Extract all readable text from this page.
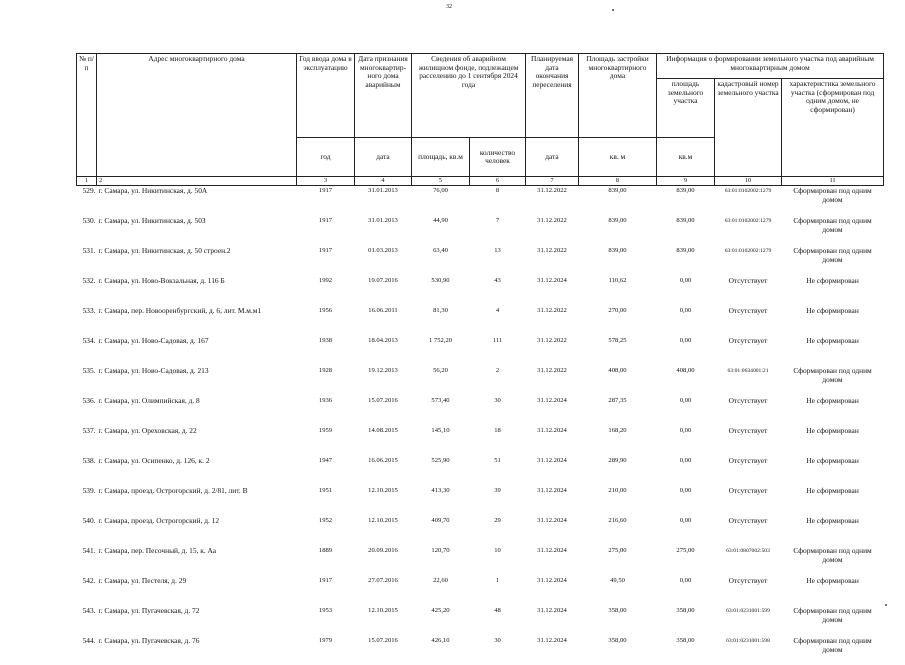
32
№ п/п	Адрес многоквартирного дома	Год ввода дома в эксплуатацию	Дата признания многоквартир-ного дома аварийным	Сведения об аварийном жилищном фонде, подлежащем расселению до 1 сентября 2024 года		Планируемая дата окончания переселения	Площадь застройки многоквартирного дома	Информация о формировании земельного участка под аварийным многоквартирным домом		
								площадь земельного участка	кадастровый номер земельного участка	характеристика земельного участка (сформирован под одним домом, не сформирован)
		год	дата	площадь, кв.м	количество человек	дата	кв. м	кв.м		
1	2	3	4	5	6	7	8	9	10	11
529.	г. Самара, ул. Никитинская, д. 50А	1917	31.01.2013	76,00	8	31.12.2022	839,00	839,00	63:01:0102002:1279	Сформирован под одним домом
530.	г. Самара, ул. Никитинская, д. 50З	1917	31.01.2013	44,90	7	31.12.2022	839,00	839,00	63:01:0102002:1279	Сформирован под одним домом
531.	г. Самара, ул. Никитинская, д. 50 строен.2	1917	01.03.2013	63,40	13	31.12.2022	839,00	839,00	63:01:0102002:1279	Сформирован под одним домом
532.	г. Самара, ул. Ново-Вокзальная, д. 116 Б	1992	19.07.2016	530,90	43	31.12.2024	110,62	0,00	Отсутствует	Не сформирован
533.	г. Самара, пер. Новооренбургский, д. 6, лит. М.м.м1	1956	16.06.2011	81,30	4	31.12.2022	270,00	0,00	Отсутствует	Не сформирован
534.	г. Самара, ул. Ново-Садовая, д. 167	1938	18.04.2013	1 752,20	111	31.12.2022	578,25	0,00	Отсутствует	Не сформирован
535.	г. Самара, ул. Ново-Садовая, д. 213	1928	19.12.2013	56,20	2	31.12.2022	408,00	408,00	63:01:0634001:21	Сформирован под одним домом
536.	г. Самара, ул. Олимпийская, д. 8	1936	15.07.2016	573,40	30	31.12.2024	287,35	0,00	Отсутствует	Не сформирован
537.	г. Самара, ул. Ореховская, д. 22	1959	14.08.2015	145,10	18	31.12.2024	168,20	0,00	Отсутствует	Не сформирован
538.	г. Самара, ул. Осипенко, д. 126, к. 2	1947	16.06.2015	525,90	51	31.12.2024	289,90	0,00	Отсутствует	Не сформирован
539.	г. Самара, проезд. Острогорский, д. 2/81, лит. В	1951	12.10.2015	413,30	39	31.12.2024	210,00	0,00	Отсутствует	Не сформирован
540.	г. Самара, проезд. Острогорский, д. 12	1952	12.10.2015	409,70	29	31.12.2024	216,60	0,00	Отсутствует	Не сформирован
541.	г. Самара, пер. Песочный, д. 15, к. Аа	1889	20.09.2016	120,70	10	31.12.2024	275,00	275,00	63:01:0807002:503	Сформирован под одним домом
542.	г. Самара, ул. Пестеля, д. 29	1917	27.07.2016	22,60	1	31.12.2024	49,50	0,00	Отсутствует	Не сформирован
543.	г. Самара, ул. Пугачевская, д. 72	1953	12.10.2015	425,20	48	31.12.2024	358,00	358,00	63:01:0231001:599	Сформирован под одним домом
544.	г. Самара, ул. Пугачевская, д. 76	1979	15.07.2016	426,10	30	31.12.2024	358,00	358,00	63:01:0231001:598	Сформирован под одним домом
